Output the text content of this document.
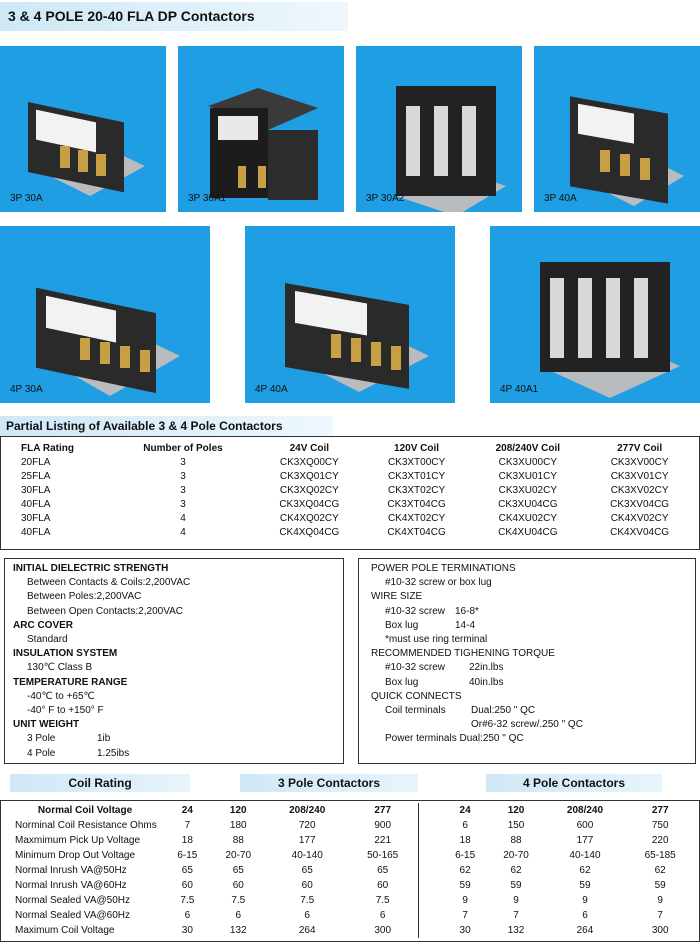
3 & 4 POLE 20-40 FLA DP Contactors
3P 30A	3P 30A1	3P 30A2	3P 40A
4P 30A	4P 40A	4P 40A1
Partial Listing of Available 3 & 4 Pole Contactors
FLA Rating	Number of Poles	24V Coil	120V Coil	208/240V Coil	277V Coil
20FLA	3	CK3XQ00CY	CK3XT00CY	CK3XU00CY	CK3XV00CY
25FLA	3	CK3XQ01CY	CK3XT01CY	CK3XU01CY	CK3XV01CY
30FLA	3	CK3XQ02CY	CK3XT02CY	CK3XU02CY	CK3XV02CY
40FLA	3	CK3XQ04CG	CK3XT04CG	CK3XU04CG	CK3XV04CG
30FLA	4	CK4XQ02CY	CK4XT02CY	CK4XU02CY	CK4XV02CY
40FLA	4	CK4XQ04CG	CK4XT04CG	CK4XU04CG	CK4XV04CG
INITIAL DIELECTRIC STRENGTH
Between Contacts & Coils:2,200VAC
Between Poles:2,200VAC
Between Open Contacts:2,200VAC
ARC COVER
Standard
INSULATION SYSTEM
130℃ Class B
TEMPERATURE RANGE
-40℃ to +65℃
-40° F to +150° F
UNIT WEIGHT
3 Pole	1ib
4 Pole	1.25ibs
POWER POLE TERMINATIONS
#10-32 screw or box lug
WIRE SIZE
#10-32 screw 16-8*
Box lug	14-4
*must use ring terminal
RECOMMENDED TIGHENING TORQUE
#10-32 screw	22in.lbs
Box lug	40in.lbs
QUICK CONNECTS
Coil terminals	Dual:250 " QC
Or#6-32 screw/.250 " QC
Power terminals Dual:250 " QC
Coil Rating	3 Pole Contactors	4 Pole Contactors
Normal Coil Voltage	24	120	208/240	277		24	120	208/240	277
Norminal Coil Resistance Ohms	7	180	720	900		6	150	600	750
Maxmimum Pick Up Voltage	18	88	177	221		18	88	177	220
Minimum Drop Out Voltage	6-15	20-70	40-140	50-165		6-15	20-70	40-140	65-185
Normal Inrush VA@50Hz	65	65	65	65		62	62	62	62
Normal Inrush VA@60Hz	60	60	60	60		59	59	59	59
Normal Sealed VA@50Hz	7.5	7.5	7.5	7.5		9	9	9	9
Normal Sealed VA@60Hz	6	6	6	6		7	7	6	7
Maximum Coil Voltage	30	132	264	300		30	132	264	300
